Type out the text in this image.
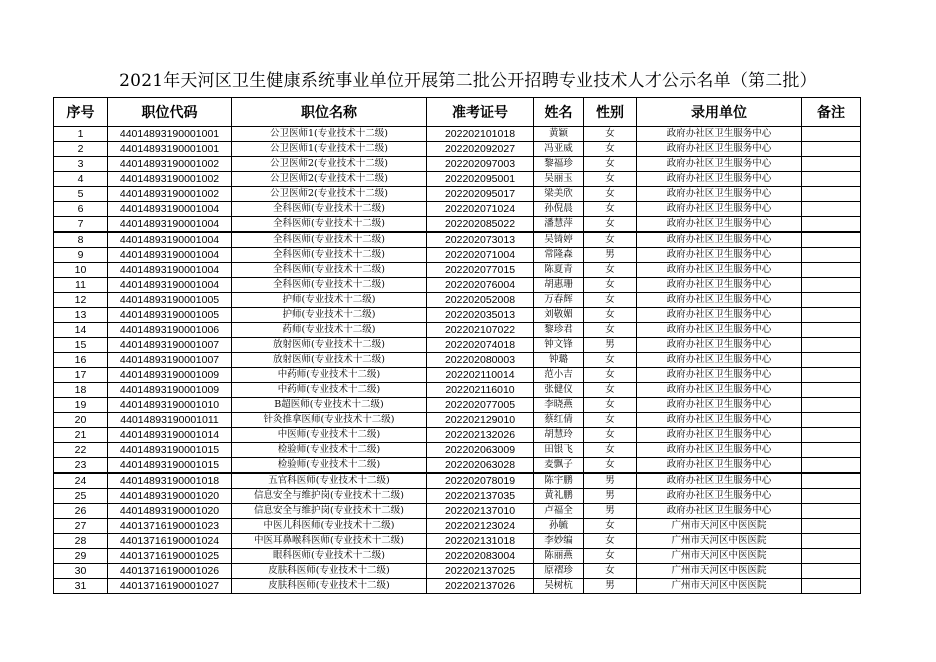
2021年天河区卫生健康系统事业单位开展第二批公开招聘专业技术人才公示名单（第二批）
序号	职位代码	职位名称	准考证号	姓名	性别	录用单位	备注
1	44014893190001001	公卫医师1(专业技术十二级)	202202101018	黄颖	女	政府办社区卫生服务中心	
2	44014893190001001	公卫医师1(专业技术十二级)	202202092027	冯亚威	女	政府办社区卫生服务中心	
3	44014893190001002	公卫医师2(专业技术十二级)	202202097003	黎福珍	女	政府办社区卫生服务中心	
4	44014893190001002	公卫医师2(专业技术十二级)	202202095001	吴丽玉	女	政府办社区卫生服务中心	
5	44014893190001002	公卫医师2(专业技术十二级)	202202095017	梁美欣	女	政府办社区卫生服务中心	
6	44014893190001004	全科医师(专业技术十二级)	202202071024	孙倪晨	女	政府办社区卫生服务中心	
7	44014893190001004	全科医师(专业技术十二级)	202202085022	潘慧萍	女	政府办社区卫生服务中心	
8	44014893190001004	全科医师(专业技术十二级)	202202073013	吴锜婷	女	政府办社区卫生服务中心	
9	44014893190001004	全科医师(专业技术十二级)	202202071004	常隆森	男	政府办社区卫生服务中心	
10	44014893190001004	全科医师(专业技术十二级)	202202077015	陈夏青	女	政府办社区卫生服务中心	
11	44014893190001004	全科医师(专业技术十二级)	202202076004	胡惠珊	女	政府办社区卫生服务中心	
12	44014893190001005	护师(专业技术十二级)	202202052008	万春辉	女	政府办社区卫生服务中心	
13	44014893190001005	护师(专业技术十二级)	202202035013	刘敬媚	女	政府办社区卫生服务中心	
14	44014893190001006	药师(专业技术十二级)	202202107022	黎珍君	女	政府办社区卫生服务中心	
15	44014893190001007	放射医师(专业技术十二级)	202202074018	钟文锋	男	政府办社区卫生服务中心	
16	44014893190001007	放射医师(专业技术十二级)	202202080003	钟璐	女	政府办社区卫生服务中心	
17	44014893190001009	中药师(专业技术十二级)	202202110014	范小吉	女	政府办社区卫生服务中心	
18	44014893190001009	中药师(专业技术十二级)	202202116010	张健仪	女	政府办社区卫生服务中心	
19	44014893190001010	B超医师(专业技术十二级)	202202077005	李晓燕	女	政府办社区卫生服务中心	
20	44014893190001011	针灸推拿医师(专业技术十二级)	202202129010	蔡红倩	女	政府办社区卫生服务中心	
21	44014893190001014	中医师(专业技术十二级)	202202132026	胡慧玲	女	政府办社区卫生服务中心	
22	44014893190001015	检验师(专业技术十二级)	202202063009	田银飞	女	政府办社区卫生服务中心	
23	44014893190001015	检验师(专业技术十二级)	202202063028	麦飘子	女	政府办社区卫生服务中心	
24	44014893190001018	五官科医师(专业技术十二级)	202202078019	陈宇鹏	男	政府办社区卫生服务中心	
25	44014893190001020	信息安全与维护岗(专业技术十二级)	202202137035	黄礼鹏	男	政府办社区卫生服务中心	
26	44014893190001020	信息安全与维护岗(专业技术十二级)	202202137010	卢福全	男	政府办社区卫生服务中心	
27	44013716190001023	中医儿科医师(专业技术十二级)	202202123024	孙毓	女	广州市天河区中医医院	
28	44013716190001024	中医耳鼻喉科医师(专业技术十二级)	202202131018	李妙编	女	广州市天河区中医医院	
29	44013716190001025	眼科医师(专业技术十二级)	202202083004	陈丽燕	女	广州市天河区中医医院	
30	44013716190001026	皮肤科医师(专业技术十二级)	202202137025	原褶珍	女	广州市天河区中医医院	
31	44013716190001027	皮肤科医师(专业技术十二级)	202202137026	吴树杭	男	广州市天河区中医医院	
